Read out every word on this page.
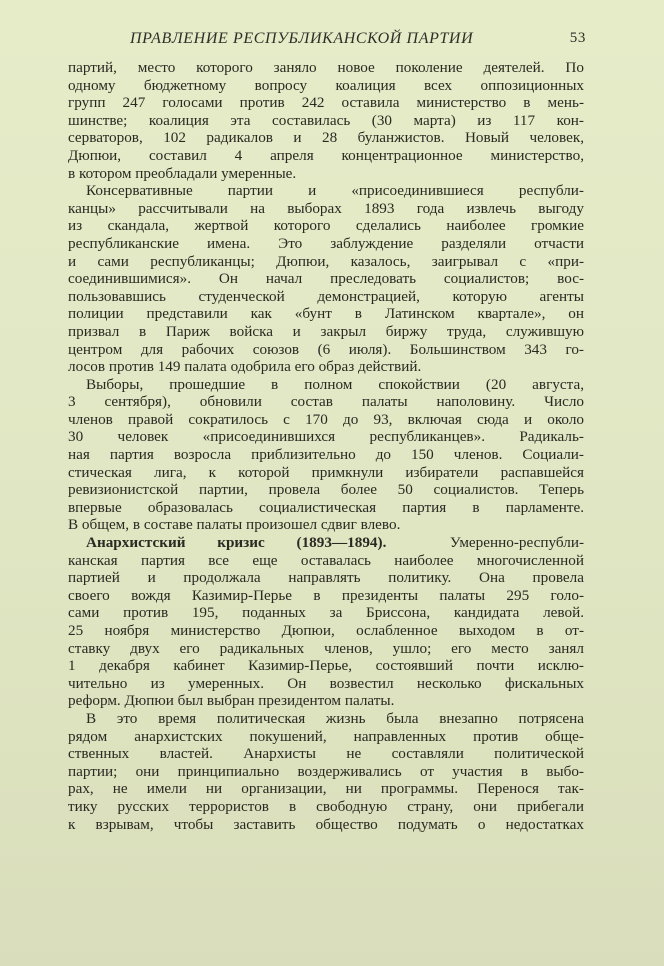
ПРАВЛЕНИЕ РЕСПУБЛИКАНСКОЙ ПАРТИИ	53
партий, место которого заняло новое поколение деятелей. По
одному бюджетному вопросу коалиция всех оппозиционных
групп 247 голосами против 242 оставила министерство в мень-
шинстве; коалиция эта составилась (30 марта) из 117 кон-
серваторов, 102 радикалов и 28 буланжистов. Новый человек,
Дюпюи, составил 4 апреля концентрационное министерство,
в котором преобладали умеренные.
Консервативные партии и «присоединившиеся республи-
канцы» рассчитывали на выборах 1893 года извлечь выгоду
из скандала, жертвой которого сделались наиболее громкие
республиканские имена. Это заблуждение разделяли отчасти
и сами республиканцы; Дюпюи, казалось, заигрывал с «при-
соединившимися». Он начал преследовать социалистов; вос-
пользовавшись студенческой демонстрацией, которую агенты
полиции представили как «бунт в Латинском квартале», он
призвал в Париж войска и закрыл биржу труда, служившую
центром для рабочих союзов (6 июля). Большинством 343 го-
лосов против 149 палата одобрила его образ действий.
Выборы, прошедшие в полном спокойствии (20 августа,
3 сентября), обновили состав палаты наполовину. Число
членов правой сократилось с 170 до 93, включая сюда и около
30 человек «присоединившихся республиканцев». Радикаль-
ная партия возросла приблизительно до 150 членов. Социали-
стическая лига, к которой примкнули избиратели распавшейся
ревизионистской партии, провела более 50 социалистов. Теперь
впервые образовалась социалистическая партия в парламенте.
В общем, в составе палаты произошел сдвиг влево.
Анархистский кризис (1893—1894).	Умеренно-республи-
канская партия все еще оставалась наиболее многочисленной
партией и продолжала направлять политику. Она провела
своего вождя Казимир-Перье в президенты палаты 295 голо-
сами против 195, поданных за Бриссона, кандидата левой.
25 ноября министерство Дюпюи, ослабленное выходом в от-
ставку двух его радикальных членов, ушло; его место занял
1 декабря кабинет Казимир-Перье, состоявший почти исклю-
чительно из умеренных. Он возвестил несколько фискальных
реформ. Дюпюи был выбран президентом палаты.
В это время политическая жизнь была внезапно потрясена
рядом анархистских покушений, направленных против обще-
ственных властей. Анархисты не составляли политической
партии; они принципиально воздерживались от участия в выбо-
рах, не имели ни организации, ни программы. Перенося так-
тику русских террористов в свободную страну, они прибегали
к взрывам, чтобы заставить общество подумать о недостатках
